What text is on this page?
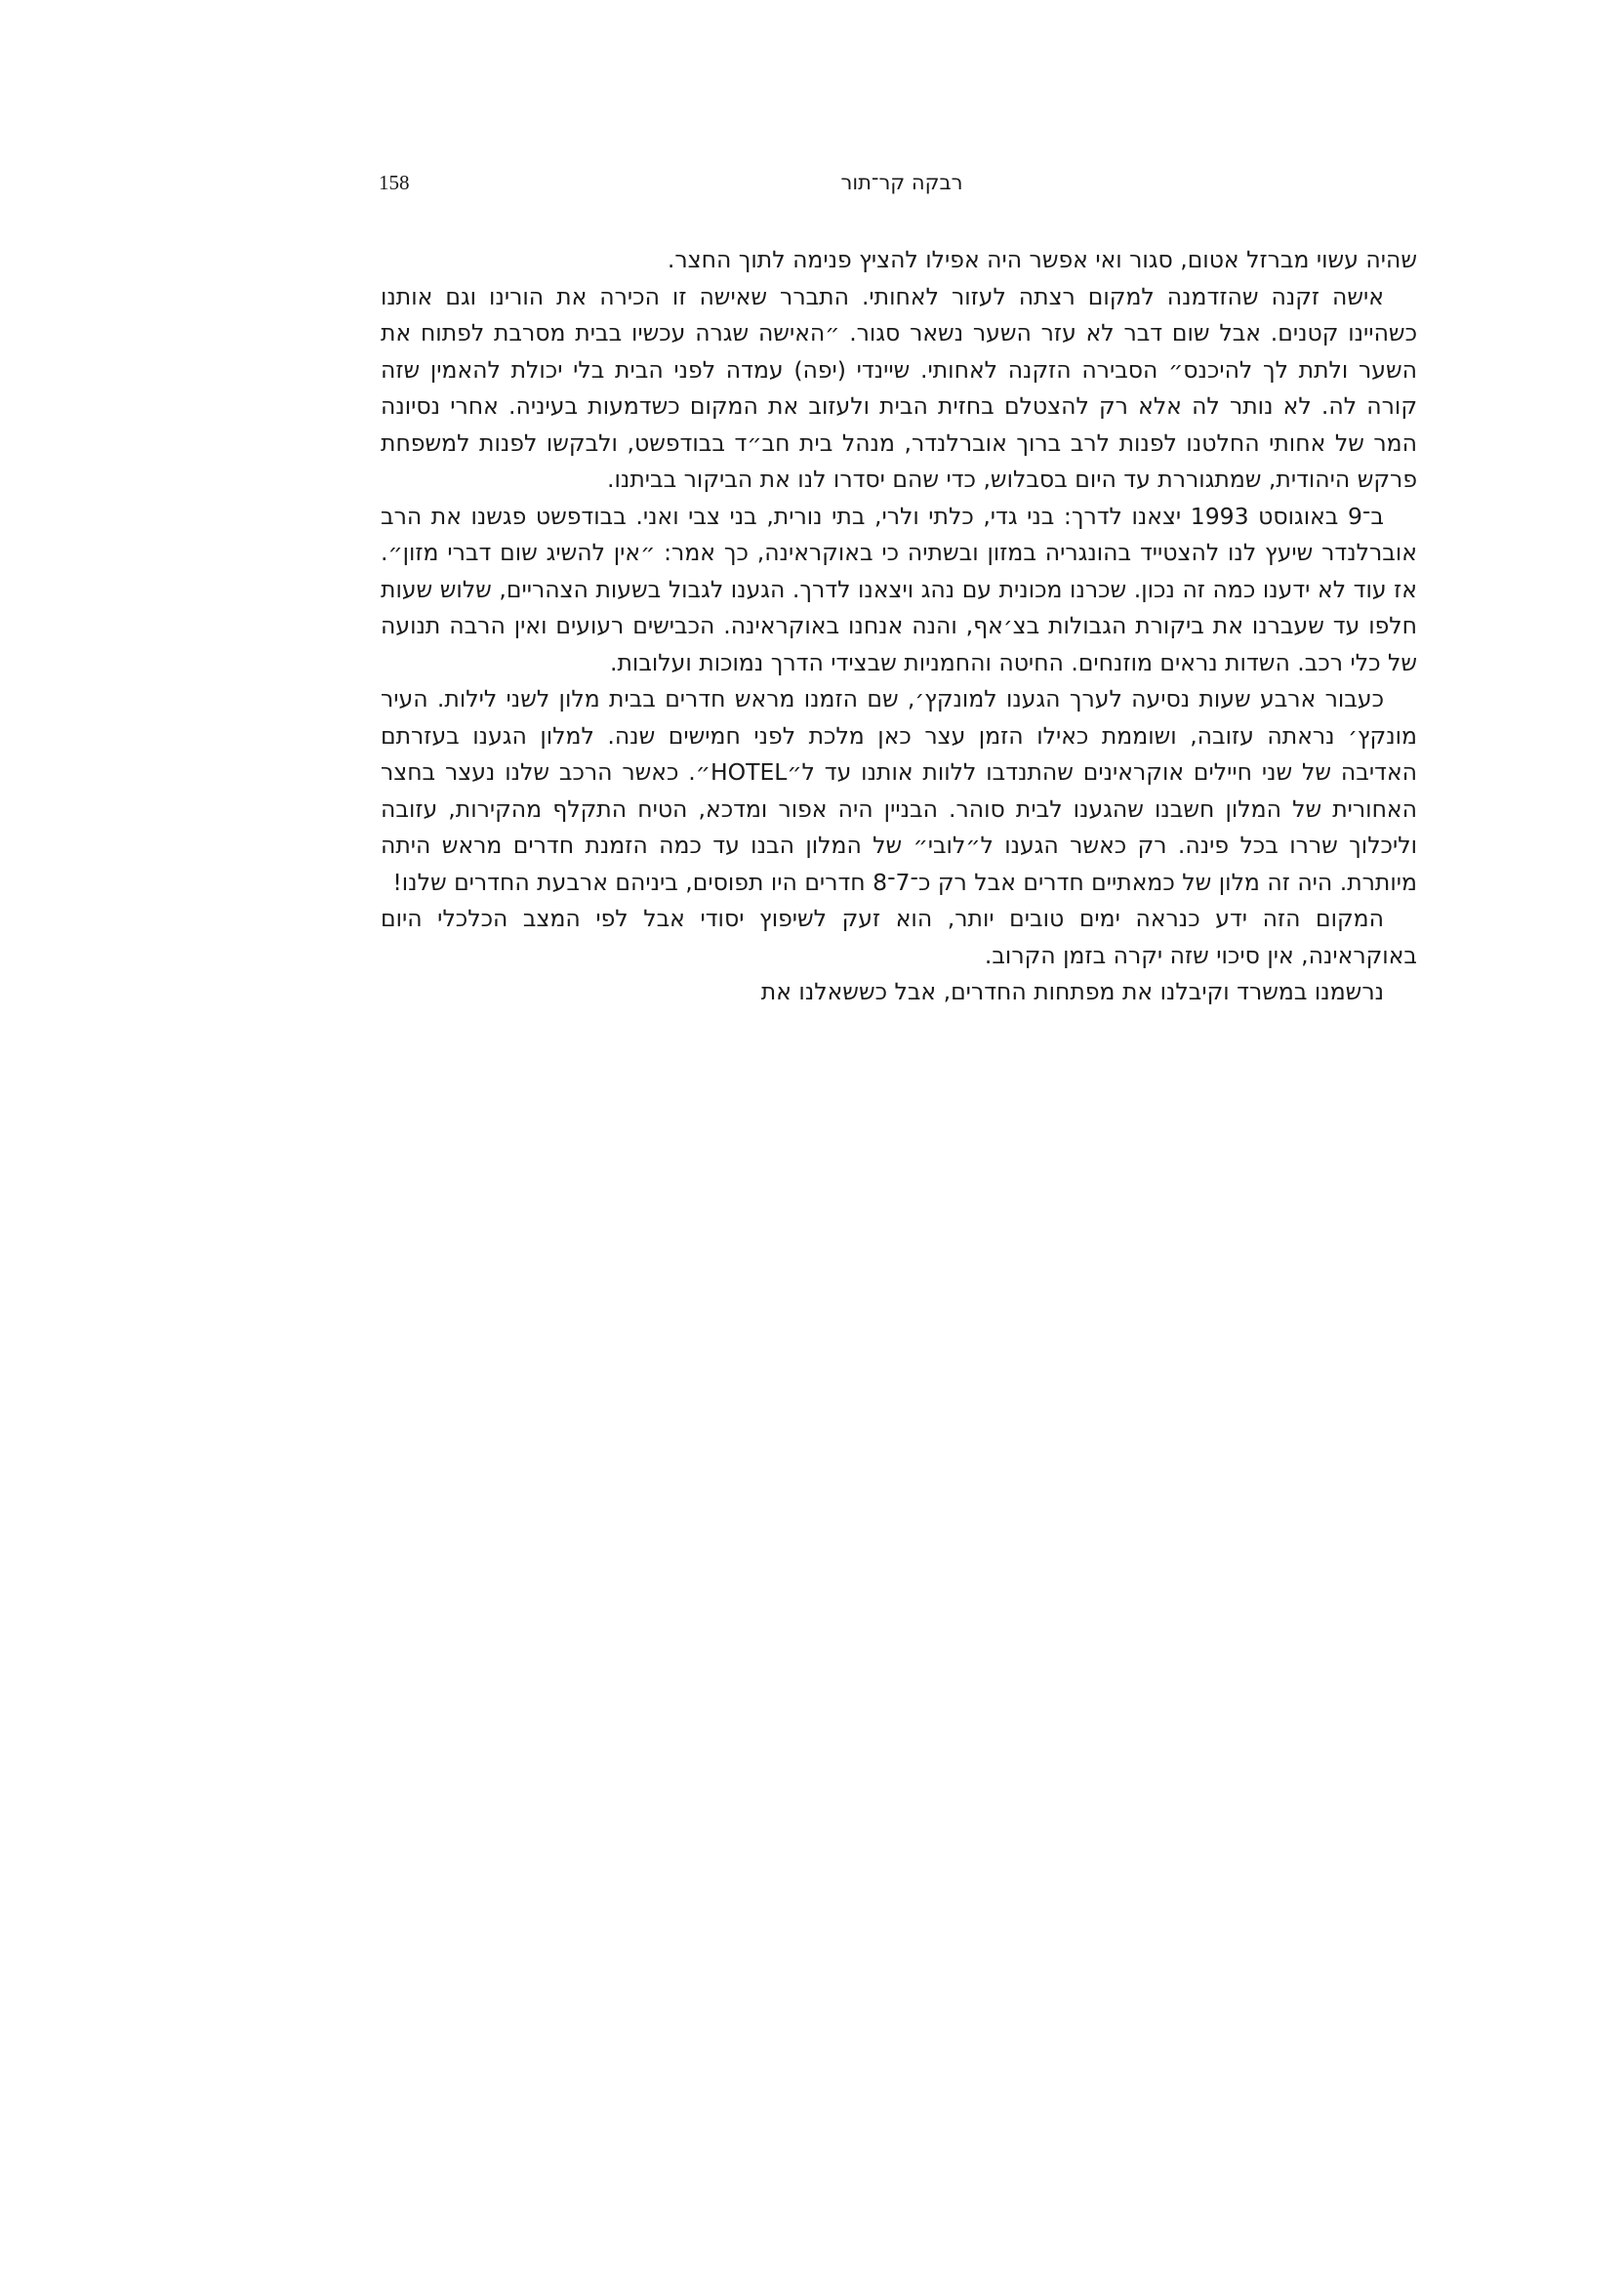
158	רבקה קר־תור

שהיה עשוי מברזל אטום, סגור ואי אפשר היה אפילו להציץ פנימה לתוך החצר.

אישה זקנה שהזדמנה למקום רצתה לעזור לאחותי. התברר שאישה זו הכירה את הורינו וגם אותנו כשהיינו קטנים. אבל שום דבר לא עזר השער נשאר סגור. ״האישה שגרה עכשיו בבית מסרבת לפתוח את השער ולתת לך להיכנס״ הסבירה הזקנה לאחותי. שיינדי (יפה) עמדה לפני הבית בלי יכולת להאמין שזה קורה לה. לא נותר לה אלא רק להצטלם בחזית הבית ולעזוב את המקום כשדמעות בעיניה. אחרי נסיונה המר של אחותי החלטנו לפנות לרב ברוך אוברלנדר, מנהל בית חב״ד בבודפשט, ולבקשו לפנות למשפחת פרקש היהודית, שמתגוררת עד היום בסבלוש, כדי שהם יסדרו לנו את הביקור בביתנו.

ב־9 באוגוסט 1993 יצאנו לדרך: בני גדי, כלתי ולרי, בתי נורית, בני צבי ואני. בבודפשט פגשנו את הרב אוברלנדר שיעץ לנו להצטייד בהונגריה במזון ובשתיה כי באוקראינה, כך אמר: ״אין להשיג שום דברי מזון״. אז עוד לא ידענו כמה זה נכון. שכרנו מכונית עם נהג ויצאנו לדרך. הגענו לגבול בשעות הצהריים, שלוש שעות חלפו עד שעברנו את ביקורת הגבולות בצ׳אף, והנה אנחנו באוקראינה. הכבישים רעועים ואין הרבה תנועה של כלי רכב. השדות נראים מוזנחים. החיטה והחמניות שבצידי הדרך נמוכות ועלובות.

כעבור ארבע שעות נסיעה לערך הגענו למונקץ׳, שם הזמנו מראש חדרים בבית מלון לשני לילות. העיר מונקץ׳ נראתה עזובה, ושוממת כאילו הזמן עצר כאן מלכת לפני חמישים שנה. למלון הגענו בעזרתם האדיבה של שני חיילים אוקראינים שהתנדבו ללוות אותנו עד ל״HOTEL״. כאשר הרכב שלנו נעצר בחצר האחורית של המלון חשבנו שהגענו לבית סוהר. הבניין היה אפור ומדכא, הטיח התקלף מהקירות, עזובה וליכלוך שררו בכל פינה. רק כאשר הגענו ל״לובי״ של המלון הבנו עד כמה הזמנת חדרים מראש היתה מיותרת. היה זה מלון של כמאתיים חדרים אבל רק כ־7־8 חדרים היו תפוסים, ביניהם ארבעת החדרים שלנו!

המקום הזה ידע כנראה ימים טובים יותר, הוא זעק לשיפוץ יסודי אבל לפי המצב הכלכלי היום באוקראינה, אין סיכוי שזה יקרה בזמן הקרוב.

נרשמנו במשרד וקיבלנו את מפתחות החדרים, אבל כששאלנו את
